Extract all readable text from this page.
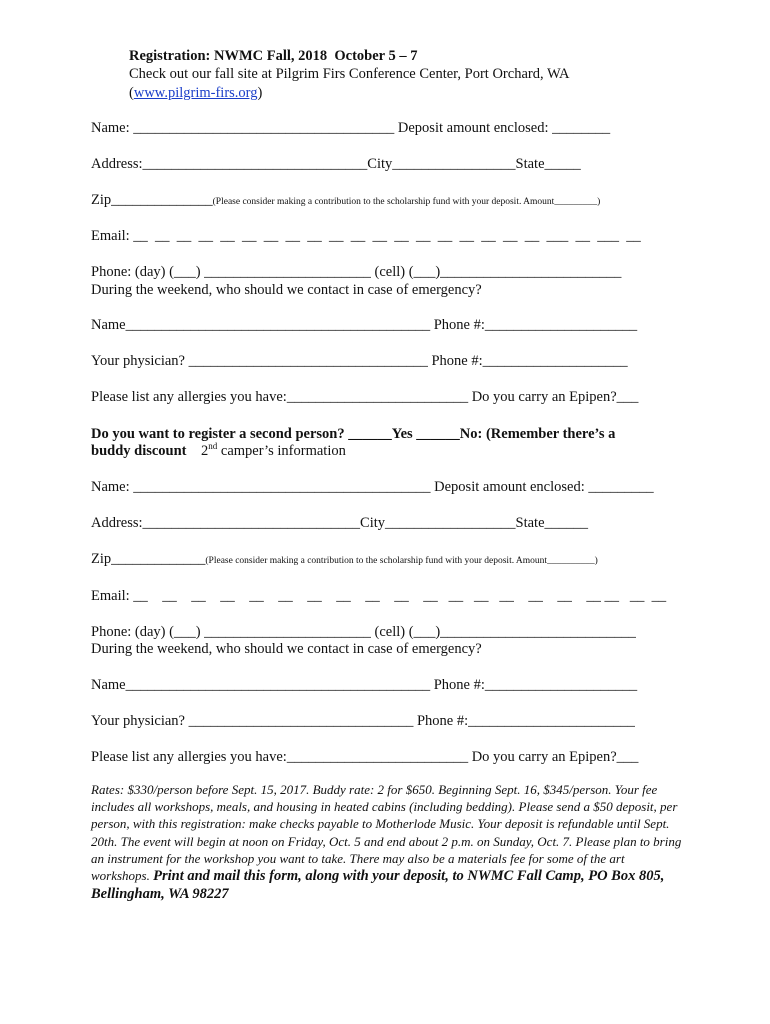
Registration: NWMC Fall, 2018  October 5 – 7
Check out our fall site at Pilgrim Firs Conference Center, Port Orchard, WA
(www.pilgrim-firs.org)
Name: ____________________________________ Deposit amount enclosed: ________
Address:_______________________________City_________________State_____
Zip______________(Please consider making a contribution to the scholarship fund with your deposit. Amount_________)
Email: __  __  __  __  __  __  __  __  __  __  __  __  __  __  __  __  __  __  __  ___  __  ___  __
Phone: (day) (___) _______________________ (cell) (___)_________________________
During the weekend, who should we contact in case of emergency?
Name__________________________________________ Phone #:_____________________
Your physician? _________________________________ Phone #:____________________
Please list any allergies you have:_________________________ Do you carry an Epipen?___
Do you want to register a second person? ______Yes ______No: (Remember there’s a
buddy discount 2nd camper’s information
Name: _________________________________________ Deposit amount enclosed: _________
Address:______________________________City__________________State______
Zip_____________(Please consider making a contribution to the scholarship fund with your deposit. Amount__________)
Email: __    __    __    __    __    __    __    __    __    __    __   __   __   __    __    __    __ __   __  __
Phone: (day) (___) _______________________ (cell) (___)___________________________
During the weekend, who should we contact in case of emergency?
Name__________________________________________ Phone #:_____________________
Your physician? _______________________________ Phone #:_______________________
Please list any allergies you have:_________________________ Do you carry an Epipen?___
Rates: $330/person before Sept. 15, 2017. Buddy rate: 2 for $650. Beginning Sept. 16, $345/person. Your fee includes all workshops, meals, and housing in heated cabins (including bedding). Please send a $50 deposit, per person, with this registration: make checks payable to Motherlode Music. Your deposit is refundable until Sept. 20th. The event will begin at noon on Friday, Oct. 5 and end about 2 p.m. on Sunday, Oct. 7. Please plan to bring an instrument for the workshop you want to take. There may also be a materials fee for some of the art workshops. Print and mail this form, along with your deposit, to NWMC Fall Camp, PO Box 805, Bellingham, WA 98227
